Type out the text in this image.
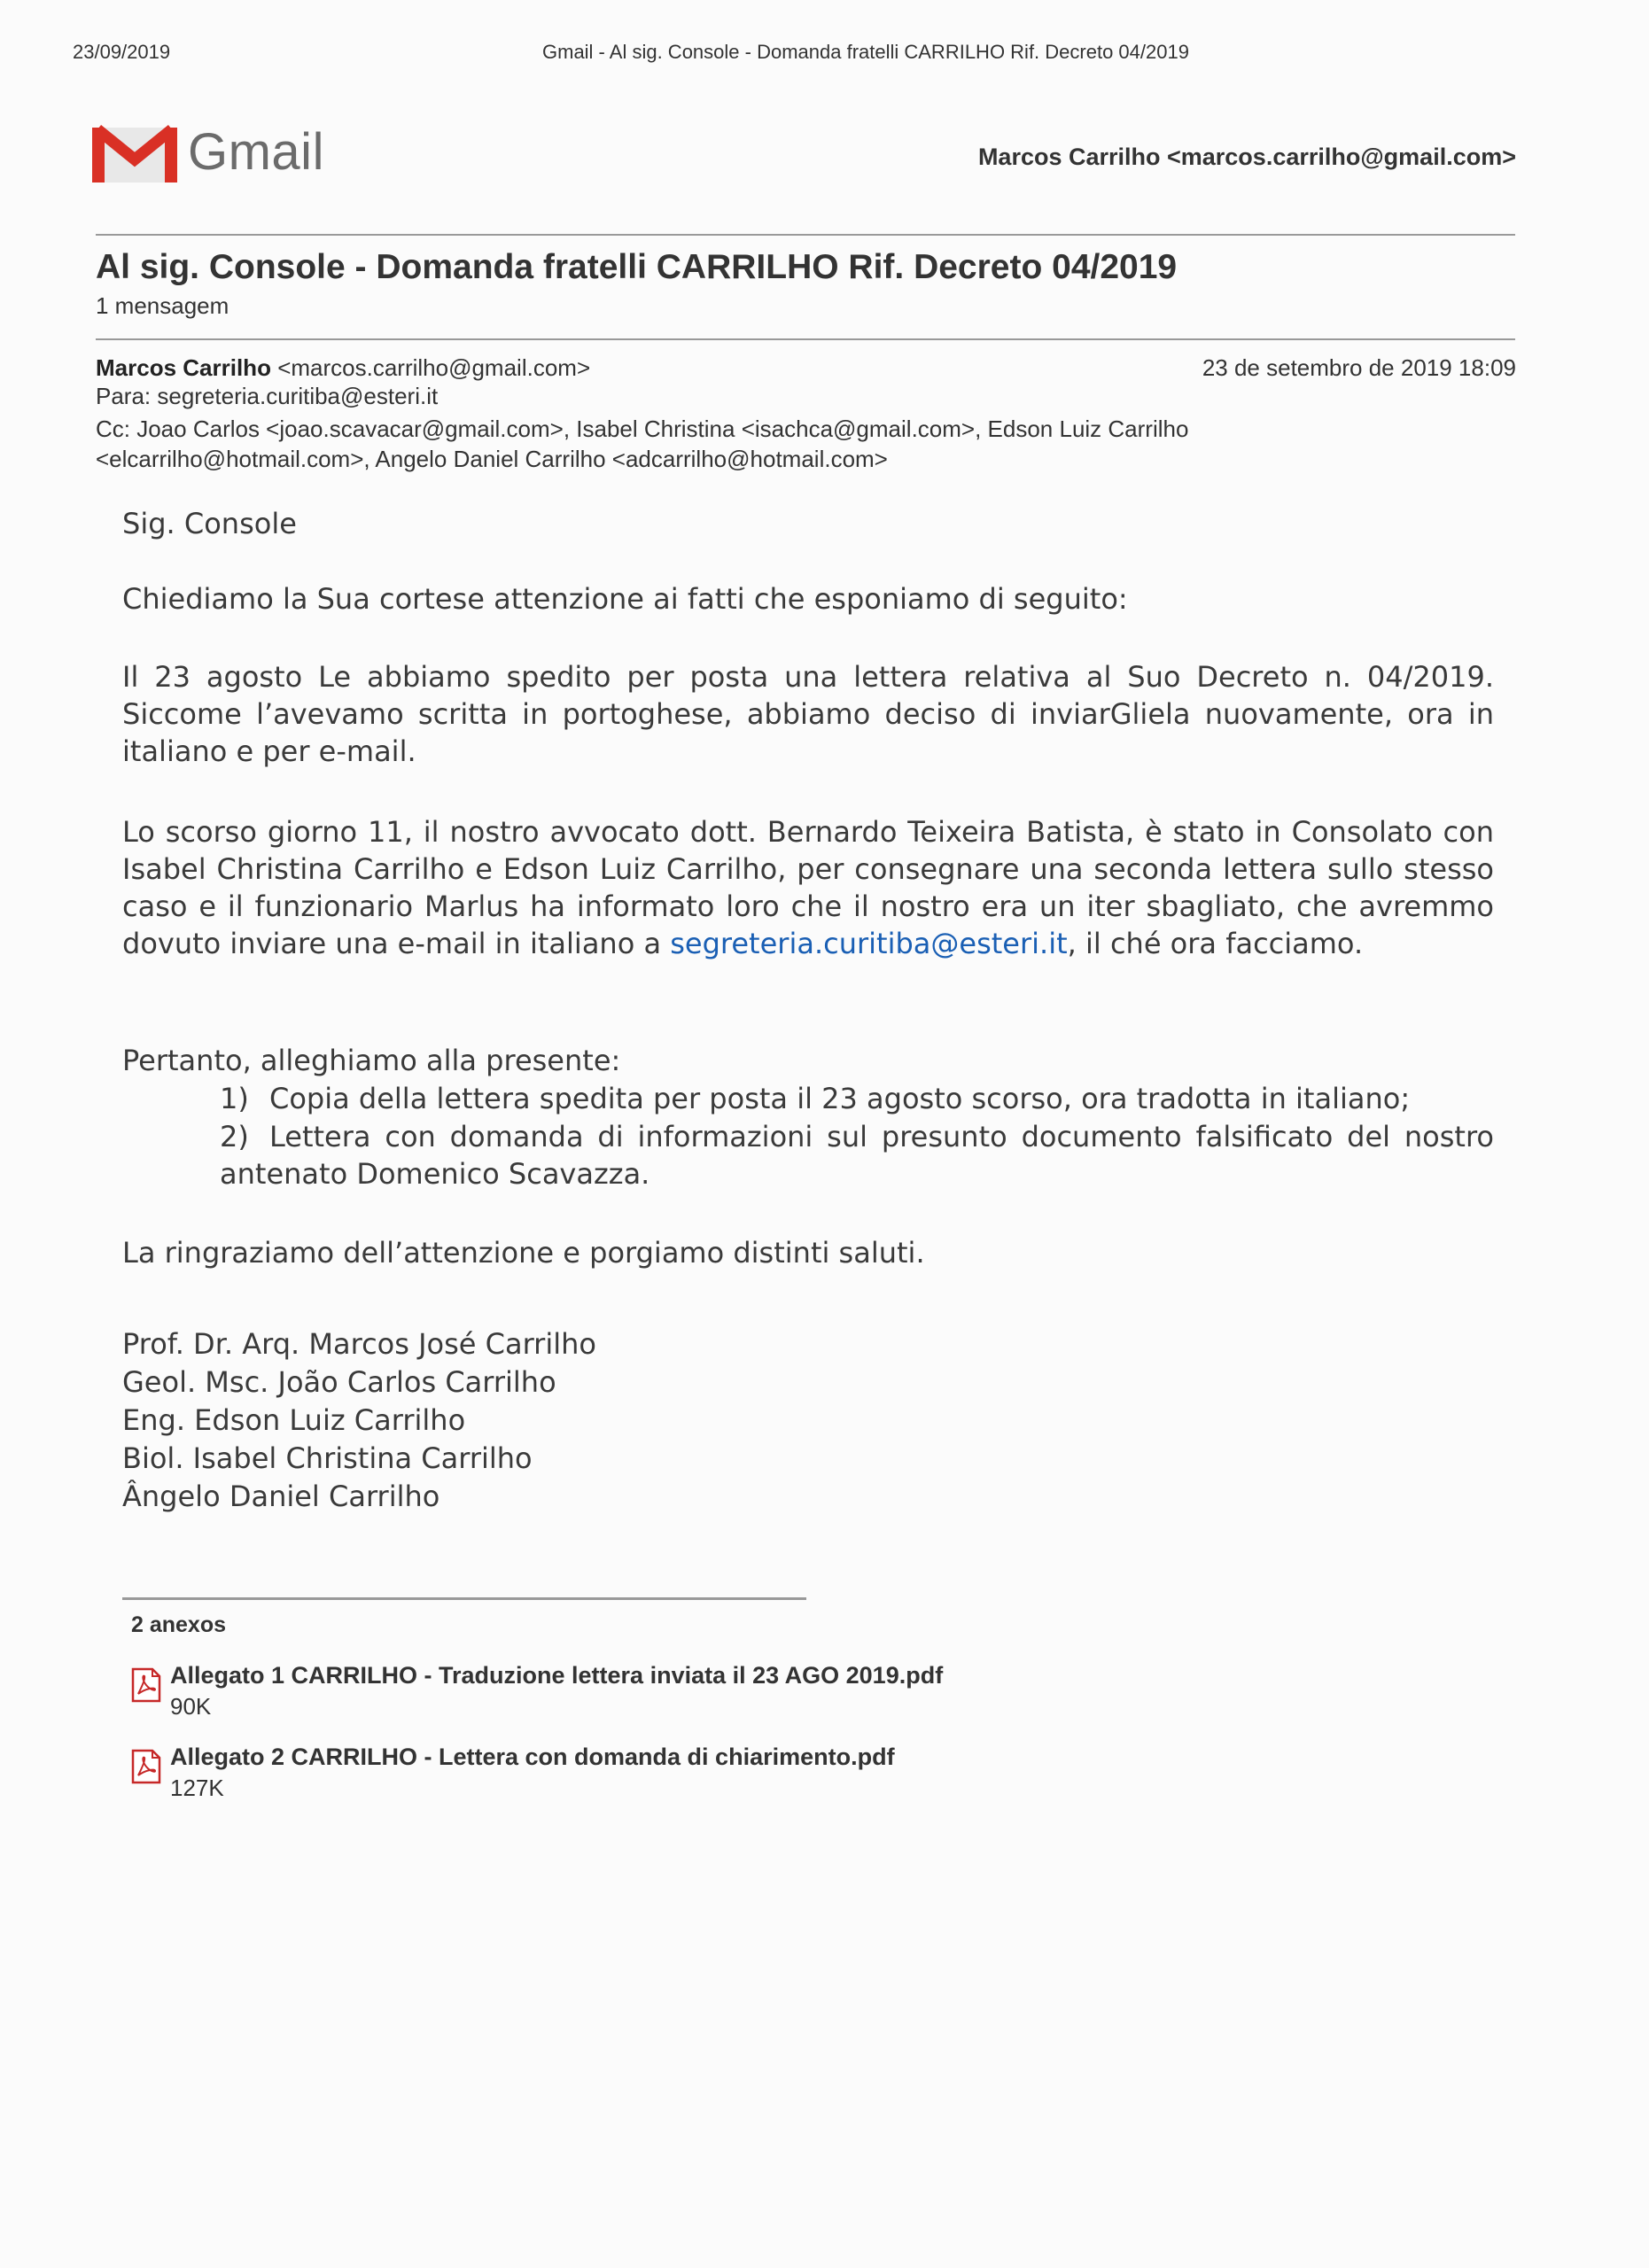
23/09/2019	Gmail - Al sig. Console - Domanda fratelli CARRILHO Rif. Decreto 04/2019
Gmail	Marcos Carrilho <marcos.carrilho@gmail.com>
Al sig. Console - Domanda fratelli CARRILHO Rif. Decreto 04/2019
1 mensagem
Marcos Carrilho <marcos.carrilho@gmail.com>	23 de setembro de 2019 18:09
Para: segreteria.curitiba@esteri.it
Cc: Joao Carlos <joao.scavacar@gmail.com>, Isabel Christina <isachca@gmail.com>, Edson Luiz Carrilho <elcarrilho@hotmail.com>, Angelo Daniel Carrilho <adcarrilho@hotmail.com>
Sig. Console
Chiediamo la Sua cortese attenzione ai fatti che esponiamo di seguito:
Il 23 agosto Le abbiamo spedito per posta una lettera relativa al Suo Decreto n. 04/2019. Siccome l’avevamo scritta in portoghese, abbiamo deciso di inviarGliela nuovamente, ora in italiano e per e-mail.
Lo scorso giorno 11, il nostro avvocato dott. Bernardo Teixeira Batista, è stato in Consolato con Isabel Christina Carrilho e Edson Luiz Carrilho, per consegnare una seconda lettera sullo stesso caso e il funzionario Marlus ha informato loro che il nostro era un iter sbagliato, che avremmo dovuto inviare una e-mail in italiano a segreteria.curitiba@esteri.it, il ché ora facciamo.
Pertanto, alleghiamo alla presente:
1) Copia della lettera spedita per posta il 23 agosto scorso, ora tradotta in italiano;
2) Lettera con domanda di informazioni sul presunto documento falsificato del nostro antenato Domenico Scavazza.
La ringraziamo dell’attenzione e porgiamo distinti saluti.
Prof. Dr. Arq. Marcos José Carrilho
Geol. Msc. João Carlos Carrilho
Eng. Edson Luiz Carrilho
Biol. Isabel Christina Carrilho
Ângelo Daniel Carrilho
2 anexos
Allegato 1 CARRILHO - Traduzione lettera inviata il 23 AGO 2019.pdf
90K
Allegato 2 CARRILHO - Lettera con domanda di chiarimento.pdf
127K
